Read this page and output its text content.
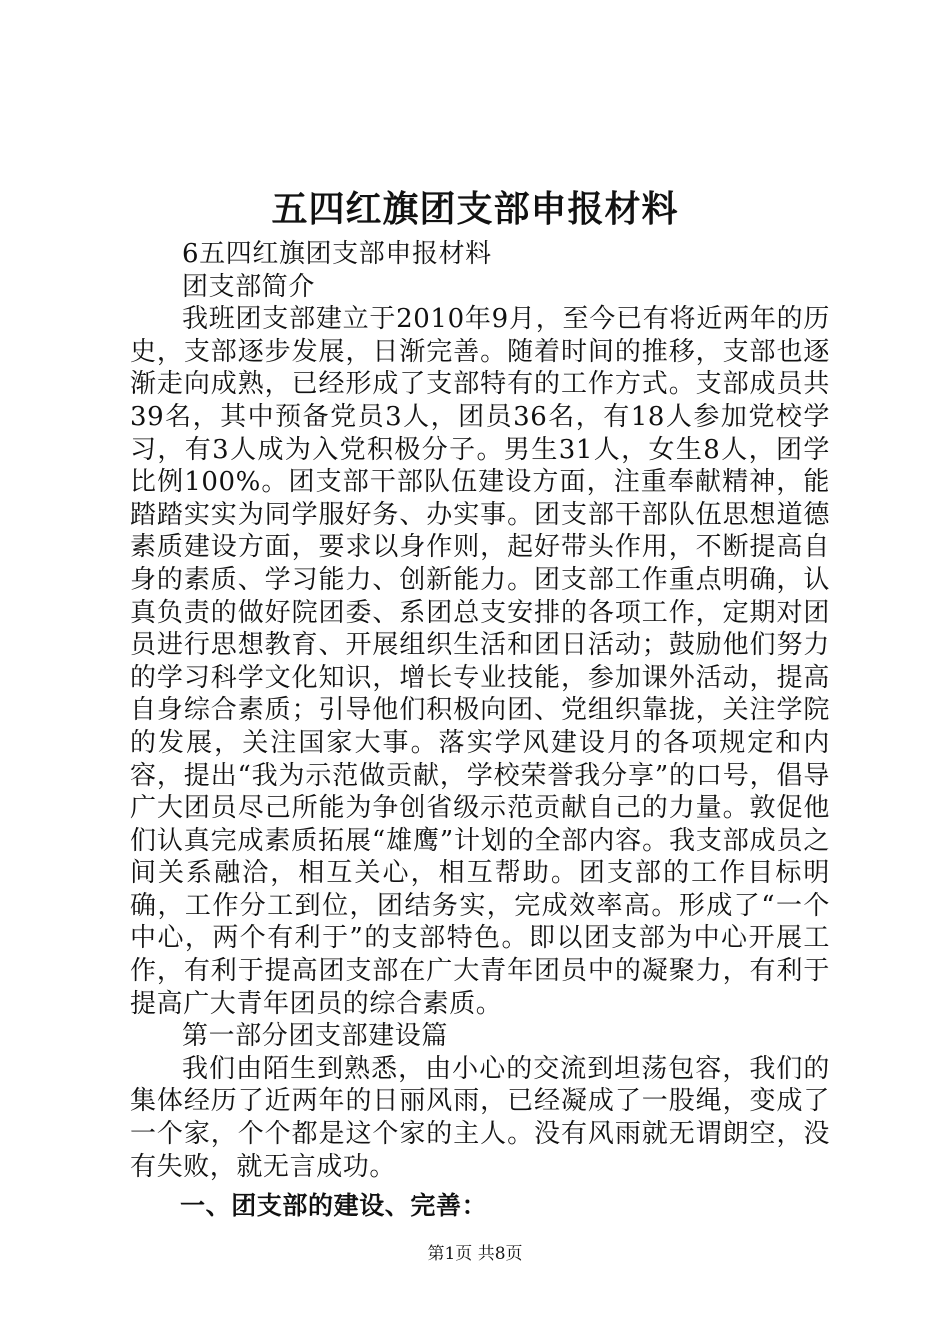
五四红旗团支部申报材料

6五四红旗团支部申报材料

团支部简介

我班团支部建立于2010年9月，至今已有将近两年的历史，支部逐步发展，日渐完善。随着时间的推移，支部也逐渐走向成熟，已经形成了支部特有的工作方式。支部成员共39名，其中预备党员3人，团员36名，有18人参加党校学习，有3人成为入党积极分子。男生31人，女生8人，团学比例100%。团支部干部队伍建设方面，注重奉献精神，能踏踏实实为同学服好务、办实事。团支部干部队伍思想道德素质建设方面，要求以身作则，起好带头作用，不断提高自身的素质、学习能力、创新能力。团支部工作重点明确，认真负责的做好院团委、系团总支安排的各项工作，定期对团员进行思想教育、开展组织生活和团日活动；鼓励他们努力的学习科学文化知识，增长专业技能，参加课外活动，提高自身综合素质；引导他们积极向团、党组织靠拢，关注学院的发展，关注国家大事。落实学风建设月的各项规定和内容，提出“我为示范做贡献，学校荣誉我分享”的口号，倡导广大团员尽己所能为争创省级示范贡献自己的力量。敦促他们认真完成素质拓展“雄鹰”计划的全部内容。我支部成员之间关系融洽，相互关心，相互帮助。团支部的工作目标明确，工作分工到位，团结务实，完成效率高。形成了“一个中心，两个有利于”的支部特色。即以团支部为中心开展工作，有利于提高团支部在广大青年团员中的凝聚力，有利于提高广大青年团员的综合素质。

第一部分团支部建设篇

我们由陌生到熟悉，由小心的交流到坦荡包容，我们的集体经历了近两年的日丽风雨，已经凝成了一股绳，变成了一个家，个个都是这个家的主人。没有风雨就无谓朗空，没有失败，就无言成功。

一、团支部的建设、完善：

第1页 共8页
